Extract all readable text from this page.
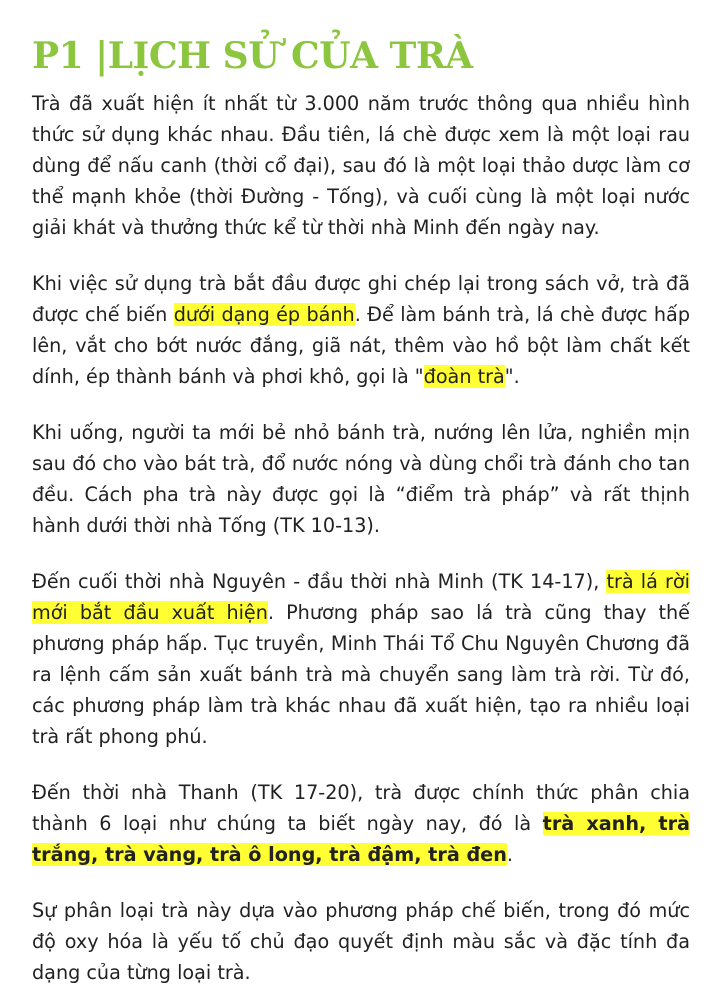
P1 |LỊCH SỬ CỦA TRÀ

Trà đã xuất hiện ít nhất từ 3.000 năm trước thông qua nhiều hình thức sử dụng khác nhau. Đầu tiên, lá chè được xem là một loại rau dùng để nấu canh (thời cổ đại), sau đó là một loại thảo dược làm cơ thể mạnh khỏe (thời Đường - Tống), và cuối cùng là một loại nước giải khát và thưởng thức kể từ thời nhà Minh đến ngày nay.

Khi việc sử dụng trà bắt đầu được ghi chép lại trong sách vở, trà đã được chế biến dưới dạng ép bánh. Để làm bánh trà, lá chè được hấp lên, vắt cho bớt nước đắng, giã nát, thêm vào hồ bột làm chất kết dính, ép thành bánh và phơi khô, gọi là "đoàn trà".

Khi uống, người ta mới bẻ nhỏ bánh trà, nướng lên lửa, nghiền mịn sau đó cho vào bát trà, đổ nước nóng và dùng chổi trà đánh cho tan đều. Cách pha trà này được gọi là “điểm trà pháp” và rất thịnh hành dưới thời nhà Tống (TK 10-13).

Đến cuối thời nhà Nguyên - đầu thời nhà Minh (TK 14-17), trà lá rời mới bắt đầu xuất hiện. Phương pháp sao lá trà cũng thay thế phương pháp hấp. Tục truyền, Minh Thái Tổ Chu Nguyên Chương đã ra lệnh cấm sản xuất bánh trà mà chuyển sang làm trà rời. Từ đó, các phương pháp làm trà khác nhau đã xuất hiện, tạo ra nhiều loại trà rất phong phú.

Đến thời nhà Thanh (TK 17-20), trà được chính thức phân chia thành 6 loại như chúng ta biết ngày nay, đó là trà xanh, trà trắng, trà vàng, trà ô long, trà đậm, trà đen.

Sự phân loại trà này dựa vào phương pháp chế biến, trong đó mức độ oxy hóa là yếu tố chủ đạo quyết định màu sắc và đặc tính đa dạng của từng loại trà.
